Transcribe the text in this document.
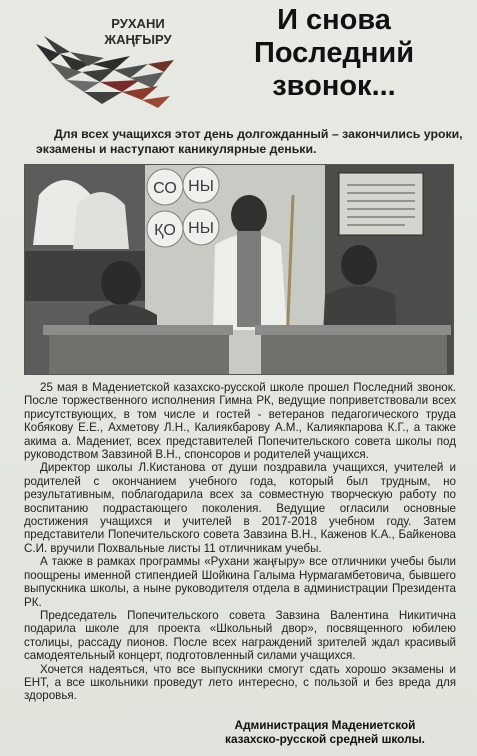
РУХАНИ
ЖАҢҒЫРУ
И снова
Последний
звонок...
Для всех учащихся этот день долгожданный – закончились уроки, экзамены и наступают каникулярные деньки.
СО НЫ
ҚО НЫ

25 мая в Мадениетской казахско-русской школе прошел Последний звонок. После торжественного исполнения Гимна РК, ведущие поприветствовали всех присутствующих, в том числе и гостей - ветеранов педагогического труда Кобякову Е.Е., Ахметову Л.Н., Калиякбарову А.М., Калиякпарова К.Г., а также акима а. Мадениет, всех представителей Попечительского совета школы под руководством Завзиной В.Н., спонсоров и родителей учащихся.

Директор школы Л.Кистанова от души поздравила учащихся, учителей и родителей с окончанием учебного года, который был трудным, но результативным, поблагодарила всех за совместную творческую работу по воспитанию подрастающего поколения. Ведущие огласили основные достижения учащихся и учителей в 2017-2018 учебном году. Затем представители Попечительского совета Завзина В.Н., Каженов К.А., Байкенова С.И. вручили Похвальные листы 11 отличникам учебы.

А также в рамках программы «Рухани жаңғыру» все отличники учебы были поощрены именной стипендией Шойкина Галыма Нурмагамбетовича, бывшего выпускника школы, а ныне руководителя отдела в администрации Президента РК.

Председатель Попечительского совета Завзина Валентина Никитична подарила школе для проекта «Школьный двор», посвященного юбилею столицы, рассаду пионов. После всех награждений зрителей ждал красивый самодеятельный концерт, подготовленный силами учащихся.

Хочется надеяться, что все выпускники смогут сдать хорошо экзамены и ЕНТ, а все школьники проведут лето интересно, с пользой и без вреда для здоровья.

Администрация Мадениетской
казахско-русской средней школы.
